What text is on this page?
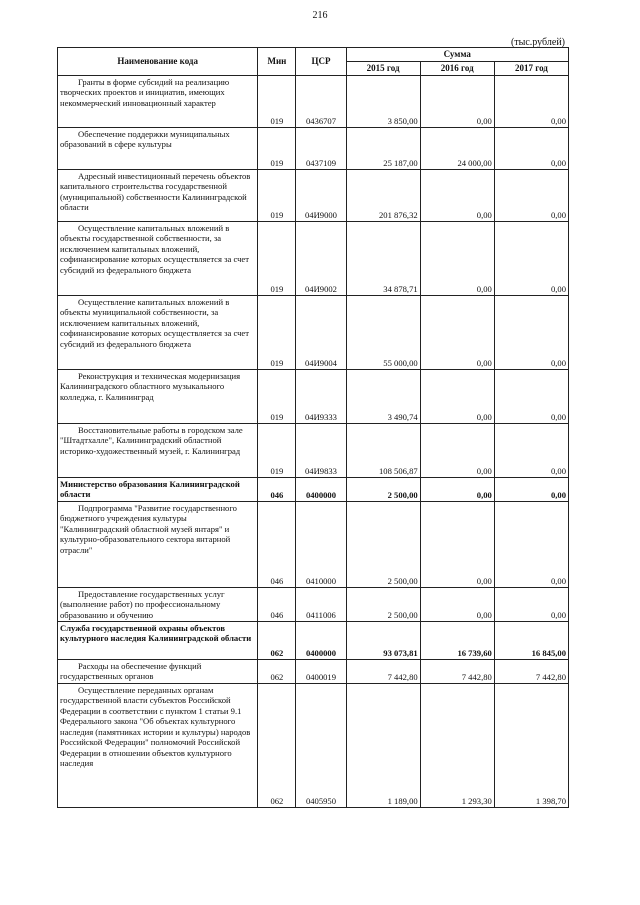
216
(тыс.рублей)
Наименование кода	Мин	ЦСР	Сумма		
			2015 год	2016 год	2017 год

Гранты в форме субсидий на реализацию творческих проектов и инициатив, имеющих некоммерческий инновационный характер	019	0436707	3 850,00	0,00	0,00

Обеспечение поддержки муниципальных образований в сфере культуры	019	0437109	25 187,00	24 000,00	0,00

Адресный инвестиционный перечень объектов капитального строительства государственной (муниципальной) собственности Калининградской области	019	04И9000	201 876,32	0,00	0,00

Осуществление капитальных вложений в объекты государственной собственности, за исключением капитальных вложений, софинансирование которых осуществляется за счет субсидий из федерального бюджета	019	04И9002	34 878,71	0,00	0,00

Осуществление капитальных вложений в объекты муниципальной собственности, за исключением капитальных вложений, софинансирование которых осуществляется за счет субсидий из федерального бюджета	019	04И9004	55 000,00	0,00	0,00

Реконструкция и техническая модернизация Калининградского областного музыкального колледжа, г. Калининград	019	04И9333	3 490,74	0,00	0,00

Восстановительные работы в городском зале "Штадтхалле", Калининградский областной историко-художественный музей, г. Калининград	019	04И9833	108 506,87	0,00	0,00

Министерство образования Калининградской области	046	0400000	2 500,00	0,00	0,00

Подпрограмма "Развитие государственного бюджетного учреждения культуры "Калининградский областной музей янтаря" и культурно-образовательного сектора янтарной отрасли"	046	0410000	2 500,00	0,00	0,00

Предоставление государственных услуг (выполнение работ) по профессиональному образованию и обучению	046	0411006	2 500,00	0,00	0,00

Служба государственной охраны объектов культурного наследия Калининградской области	062	0400000	93 073,81	16 739,60	16 845,00

Расходы на обеспечение функций государственных органов	062	0400019	7 442,80	7 442,80	7 442,80

Осуществление переданных органам государственной власти субъектов Российской Федерации в соответствии с пунктом 1 статьи 9.1 Федерального закона "Об объектах культурного наследия (памятниках истории и культуры) народов Российской Федерации" полномочий Российской Федерации в отношении объектов культурного наследия	062	0405950	1 189,00	1 293,30	1 398,70
